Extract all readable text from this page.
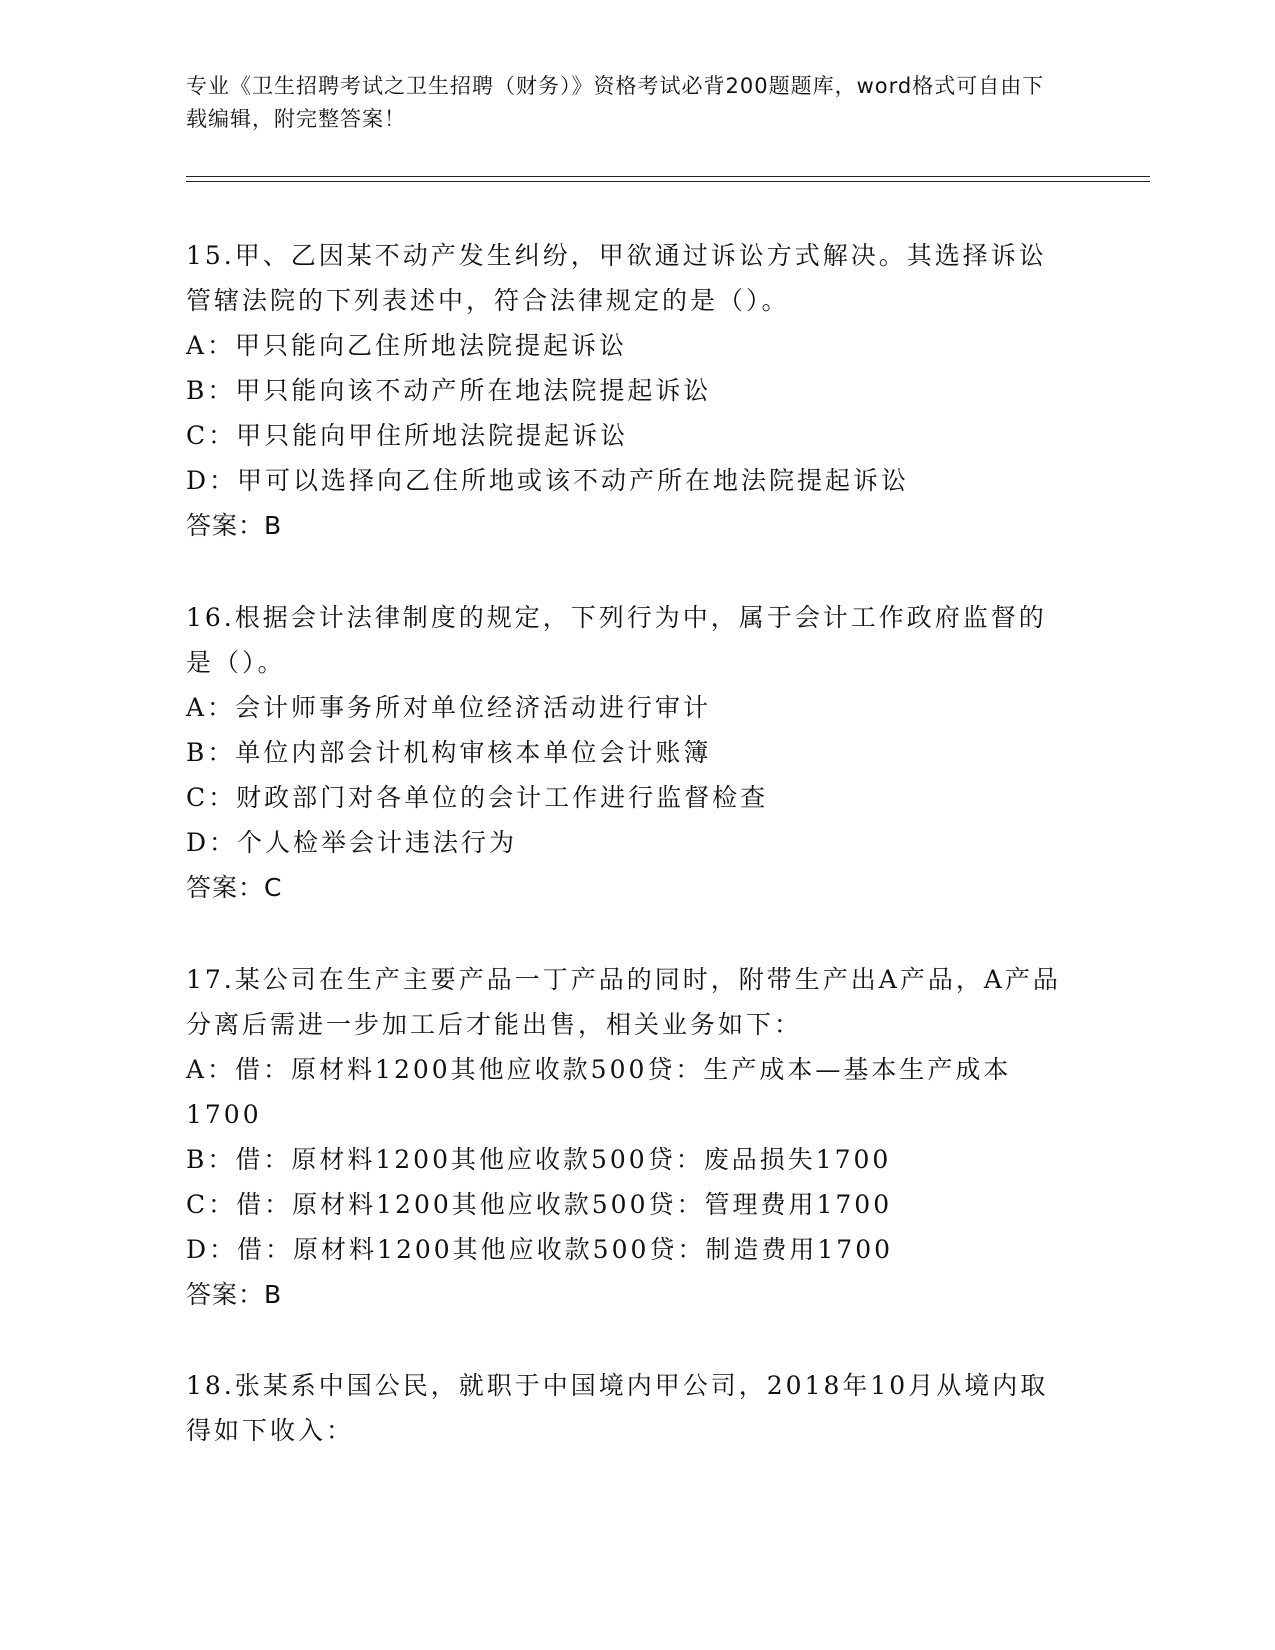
专业《卫生招聘考试之卫生招聘（财务）》资格考试必背200题题库，word格式可自由下载编辑，附完整答案！
15.甲、乙因某不动产发生纠纷，甲欲通过诉讼方式解决。其选择诉讼管辖法院的下列表述中，符合法律规定的是（）。
A：甲只能向乙住所地法院提起诉讼
B：甲只能向该不动产所在地法院提起诉讼
C：甲只能向甲住所地法院提起诉讼
D：甲可以选择向乙住所地或该不动产所在地法院提起诉讼
答案：B
16.根据会计法律制度的规定，下列行为中，属于会计工作政府监督的是（）。
A：会计师事务所对单位经济活动进行审计
B：单位内部会计机构审核本单位会计账簿
C：财政部门对各单位的会计工作进行监督检查
D：个人检举会计违法行为
答案：C
17.某公司在生产主要产品一丁产品的同时，附带生产出A产品，A产品分离后需进一步加工后才能出售，相关业务如下：
A：借：原材料1200其他应收款500贷：生产成本—基本生产成本1700
B：借：原材料1200其他应收款500贷：废品损失1700
C：借：原材料1200其他应收款500贷：管理费用1700
D：借：原材料1200其他应收款500贷：制造费用1700
答案：B
18.张某系中国公民，就职于中国境内甲公司，2018年10月从境内取得如下收入：
